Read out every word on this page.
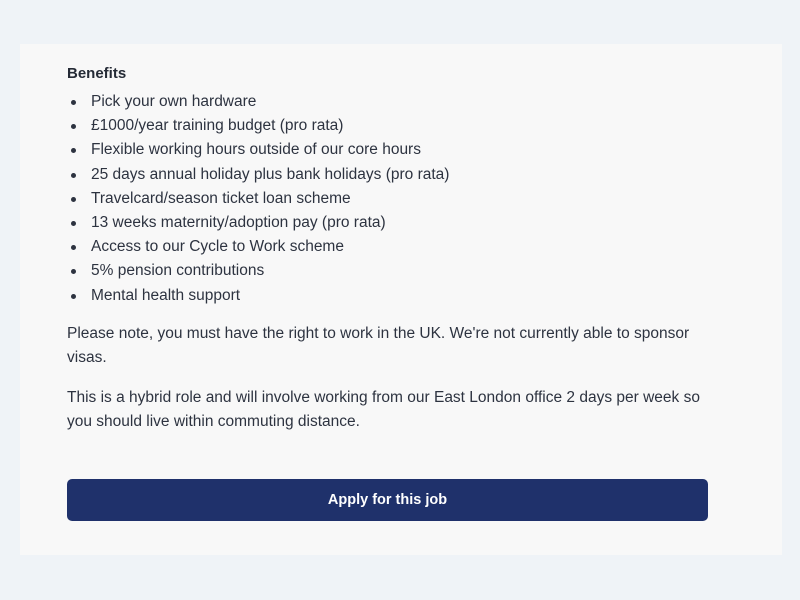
Benefits
Pick your own hardware
£1000/year training budget (pro rata)
Flexible working hours outside of our core hours
25 days annual holiday plus bank holidays (pro rata)
Travelcard/season ticket loan scheme
13 weeks maternity/adoption pay (pro rata)
Access to our Cycle to Work scheme
5% pension contributions
Mental health support

Please note, you must have the right to work in the UK. We're not currently able to sponsor visas.

This is a hybrid role and will involve working from our East London office 2 days per week so you should live within commuting distance.

Apply for this job
